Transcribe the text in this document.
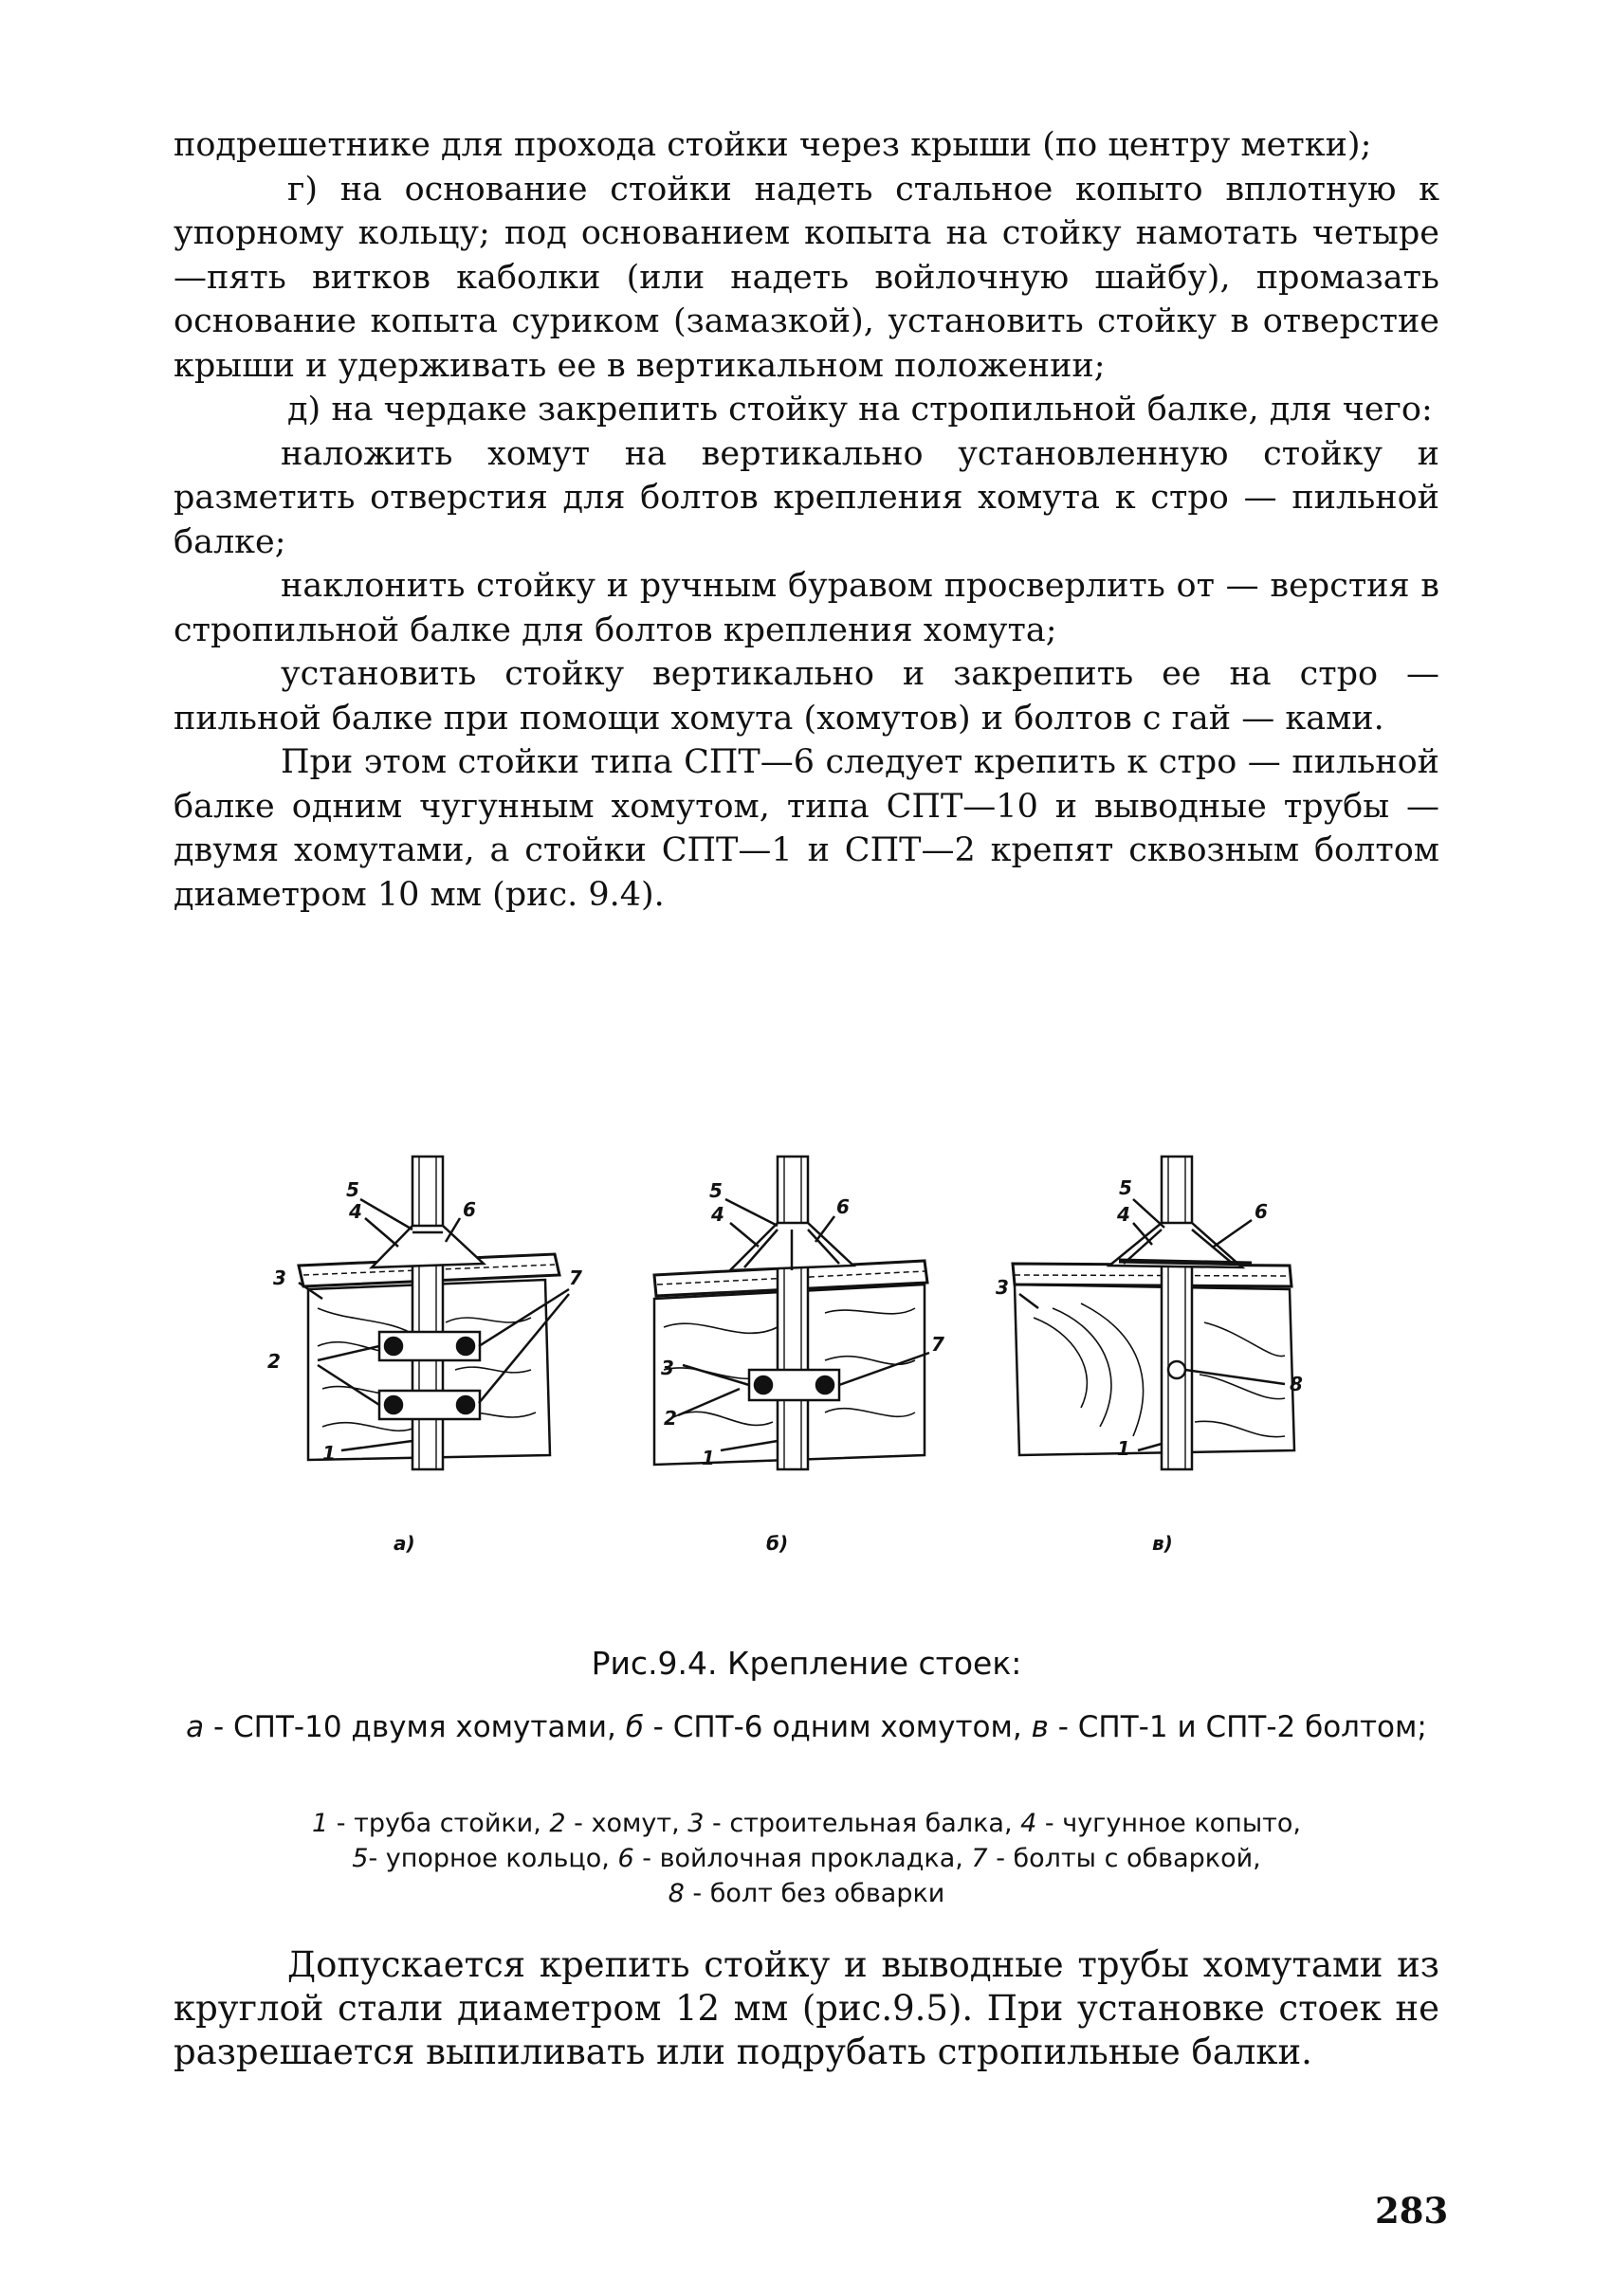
подрешетнике для прохода стойки через крыши (по центру метки);

г) на основание стойки надеть стальное копыто вплотную к упорному кольцу; под основанием копыта на стойку намотать четыре—пять витков каболки (или надеть войлочную шайбу), промазать основание копыта суриком (замазкой), установить стойку в отверстие крыши и удерживать ее в вертикальном положении;

д) на чердаке закрепить стойку на стропильной балке, для чего:

наложить хомут на вертикально установленную стойку и разметить отверстия для болтов крепления хомута к стро — пильной балке;

наклонить стойку и ручным буравом просверлить от — верстия в стропильной балке для болтов крепления хомута;

установить стойку вертикально и закрепить ее на стро — пильной балке при помощи хомута (хомутов) и болтов с гай — ками.

При этом стойки типа СПТ—6 следует крепить к стро — пильной балке одним чугунным хомутом, типа СПТ—10 и выводные трубы — двумя хомутами, а стойки СПТ—1 и СПТ—2 крепят сквозным болтом диаметром 10 мм (рис. 9.4).

5
4	6
3	7
2
1
5
4	6
7
3
2
1
5
4	6
3
8
1
а)	б)	в)
Рис.9.4. Крепление стоек:
а - СПТ-10 двумя хомутами, б - СПТ-6 одним хомутом, в - СПТ-1 и СПТ-2 болтом;
1 - труба стойки, 2 - хомут, 3 - строительная балка, 4 - чугунное копыто,
5- упорное кольцо, 6 - войлочная прокладка, 7 - болты с обваркой,
8 - болт без обварки

Допускается крепить стойку и выводные трубы хомутами из круглой стали диаметром 12 мм (рис.9.5). При установке стоек не разрешается выпиливать или подрубать стропильные балки.

283
